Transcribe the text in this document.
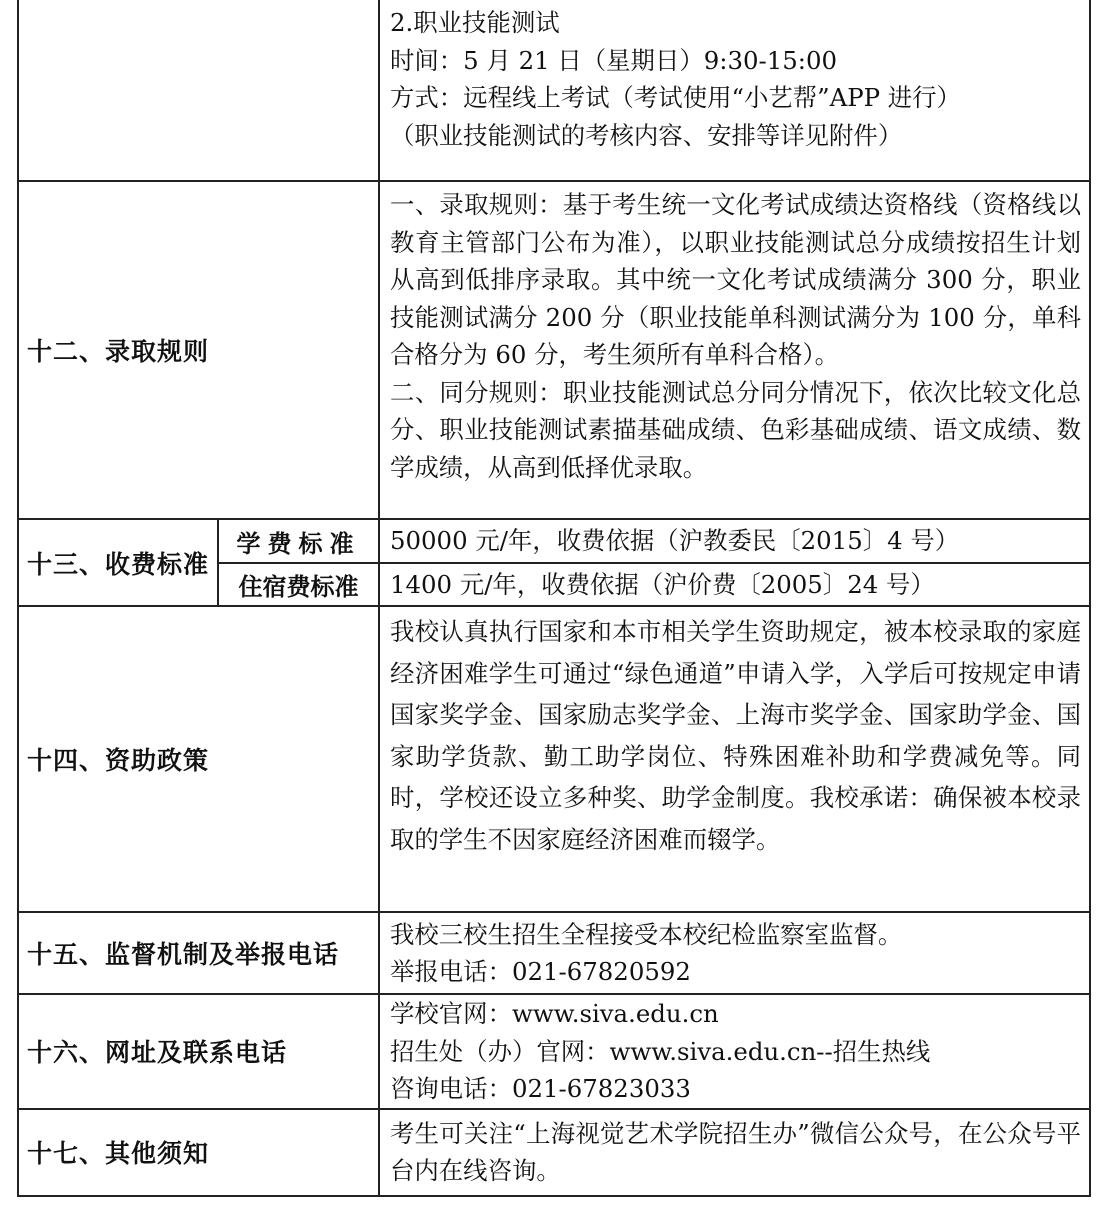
		2.职业技能测试

时间：5 月 21 日（星期日）9:30-15:00

方式：远程线上考试（考试使用“小艺帮”APP 进行）

（职业技能测试的考核内容、安排等详见附件）

十二、录取规则		一、录取规则：基于考生统一文化考试成绩达资格线（资格线以教育主管部门公布为准），以职业技能测试总分成绩按招生计划从高到低排序录取。其中统一文化考试成绩满分 300 分，职业技能测试满分 200 分（职业技能单科测试满分为 100 分，单科合格分为 60 分，考生须所有单科合格）。

二、同分规则：职业技能测试总分同分情况下，依次比较文化总分、职业技能测试素描基础成绩、色彩基础成绩、语文成绩、数学成绩，从高到低择优录取。

十三、收费标准	学费标准	50000 元/年，收费依据（沪教委民〔2015〕4 号）

	住宿费标准	1400 元/年，收费依据（沪价费〔2005〕24 号）

十四、资助政策		我校认真执行国家和本市相关学生资助规定，被本校录取的家庭经济困难学生可通过“绿色通道”申请入学，入学后可按规定申请国家奖学金、国家励志奖学金、上海市奖学金、国家助学金、国家助学货款、勤工助学岗位、特殊困难补助和学费减免等。同时，学校还设立多种奖、助学金制度。我校承诺：确保被本校录取的学生不因家庭经济困难而辍学。

十五、监督机制及举报电话		我校三校生招生全程接受本校纪检监察室监督。

举报电话：021-67820592

十六、网址及联系电话		学校官网：www.siva.edu.cn

招生处（办）官网：www.siva.edu.cn--招生热线

咨询电话：021-67823033

十七、其他须知		考生可关注“上海视觉艺术学院招生办”微信公众号，在公众号平台内在线咨询。
